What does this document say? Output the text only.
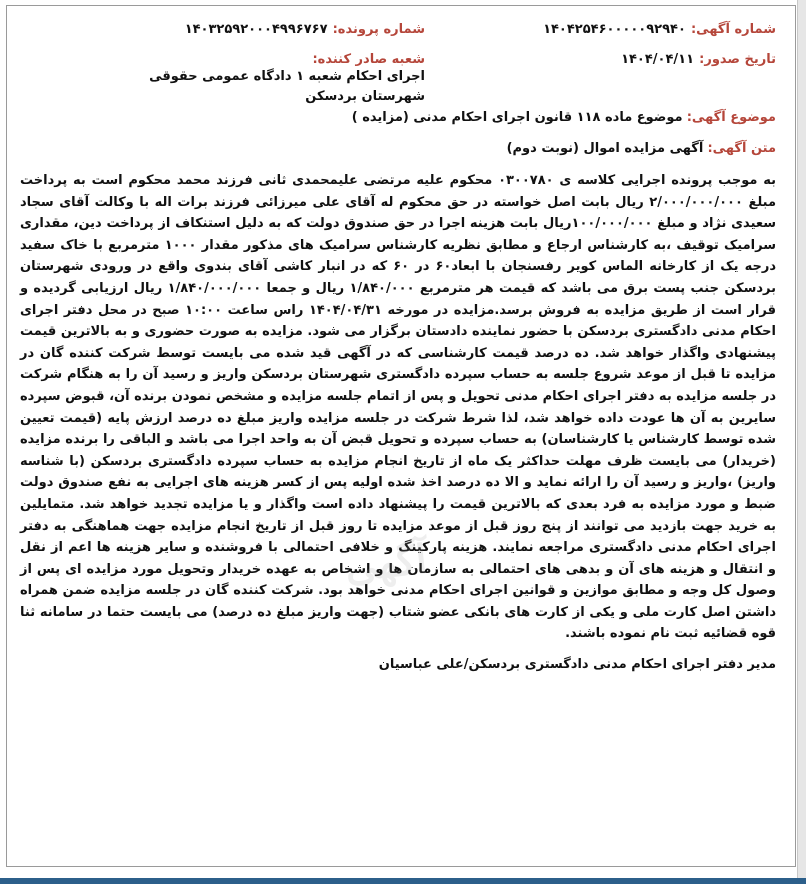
شماره آگهی: ۱۴۰۴۲۵۴۶۰۰۰۰۰۹۲۹۴۰
شماره پرونده: ۱۴۰۳۲۵۹۲۰۰۰۴۹۹۶۷۶۷
تاریخ صدور: ۱۴۰۴/۰۴/۱۱
شعبه صادر کننده: اجرای احکام شعبه ۱ دادگاه عمومی حقوقی شهرستان بردسکن
موضوع آگهی: موضوع ماده ۱۱۸ قانون اجرای احکام مدنی (مزایده )
متن آگهی: آگهی مزایده اموال (نوبت دوم)
به موجب پرونده اجرایی کلاسه ی ۰۳۰۰۷۸۰ محکوم علیه مرتضی علیمحمدی ثانی فرزند محمد محکوم است به پرداخت مبلغ ۲/۰۰۰/۰۰۰/۰۰۰ ریال بابت اصل خواسته در حق محکوم له آقای علی میرزائی فرزند برات اله با وکالت آقای سجاد سعیدی نژاد و مبلغ ۱۰۰/۰۰۰/۰۰۰ریال بابت هزینه اجرا در حق صندوق دولت که به دلیل استنکاف از پرداخت دین، مقداری سرامیک توقیف ،به کارشناس ارجاع و مطابق نظریه کارشناس سرامیک های مذکور مقدار ۱۰۰۰ مترمربع با خاک سفید درجه یک از کارخانه الماس کویر رفسنجان با ابعاد۶۰ در ۶۰ که در انبار کاشی آقای بندوی واقع در ورودی شهرستان بردسکن جنب پست برق می باشد که قیمت هر مترمربع ۱/۸۴۰/۰۰۰ ریال و جمعا ۱/۸۴۰/۰۰۰/۰۰۰ ریال ارزیابی گردیده و قرار است از طریق مزایده به فروش برسد.مزایده در مورخه ۱۴۰۴/۰۴/۳۱ راس ساعت ۱۰:۰۰ صبح در محل دفتر اجرای احکام مدنی دادگستری بردسکن با حضور نماینده دادستان برگزار می شود. مزایده به صورت حضوری و به بالاترین قیمت پیشنهادی واگذار خواهد شد. ده درصد قیمت کارشناسی که در آگهی قید شده می بایست توسط شرکت کننده گان در مزایده تا قبل از موعد شروع جلسه به حساب سپرده دادگستری شهرستان بردسکن واریز و رسید آن را به هنگام شرکت در جلسه مزایده به دفتر اجرای احکام مدنی تحویل و پس از اتمام جلسه مزایده و مشخص نمودن برنده آن، قبوض سپرده سایرین به آن ها عودت داده خواهد شد، لذا شرط شرکت در جلسه مزایده واریز مبلغ ده درصد ارزش پایه (قیمت تعیین شده توسط کارشناس یا کارشناسان) به حساب سپرده و تحویل قبض آن به واحد اجرا می باشد و الباقی را برنده مزایده (خریدار) می بایست ظرف مهلت حداکثر یک ماه از تاریخ انجام مزایده به حساب سپرده دادگستری بردسکن (با شناسه واریز) ،واریز و رسید آن را ارائه نماید و الا ده درصد اخذ شده اولیه پس از کسر هزینه های اجرایی به نفع صندوق دولت ضبط و مورد مزایده به فرد بعدی که بالاترین قیمت را پیشنهاد داده است واگذار و یا مزایده تجدید خواهد شد. متمایلین به خرید جهت بازدید می توانند از پنج روز قبل از موعد مزایده تا روز قبل از تاریخ انجام مزایده جهت هماهنگی به دفتر اجرای احکام مدنی دادگستری مراجعه نمایند. هزینه پارکینگ و خلافی احتمالی با فروشنده و سایر هزینه ها اعم از نقل و انتقال و هزینه های آن و بدهی های احتمالی به سازمان ها و اشخاص به عهده خریدار وتحویل مورد مزایده ای پس از وصول کل وجه و مطابق موازین و قوانین اجرای احکام مدنی خواهد بود. شرکت کننده گان در جلسه مزایده ضمن همراه داشتن اصل کارت ملی و یکی از کارت های بانکی عضو شتاب (جهت واریز مبلغ ده درصد) می بایست حتما در سامانه ثنا قوه قضائیه ثبت نام نموده باشند.
مدیر دفتر اجرای احکام مدنی دادگستری بردسکن/علی عباسیان
آگهی
